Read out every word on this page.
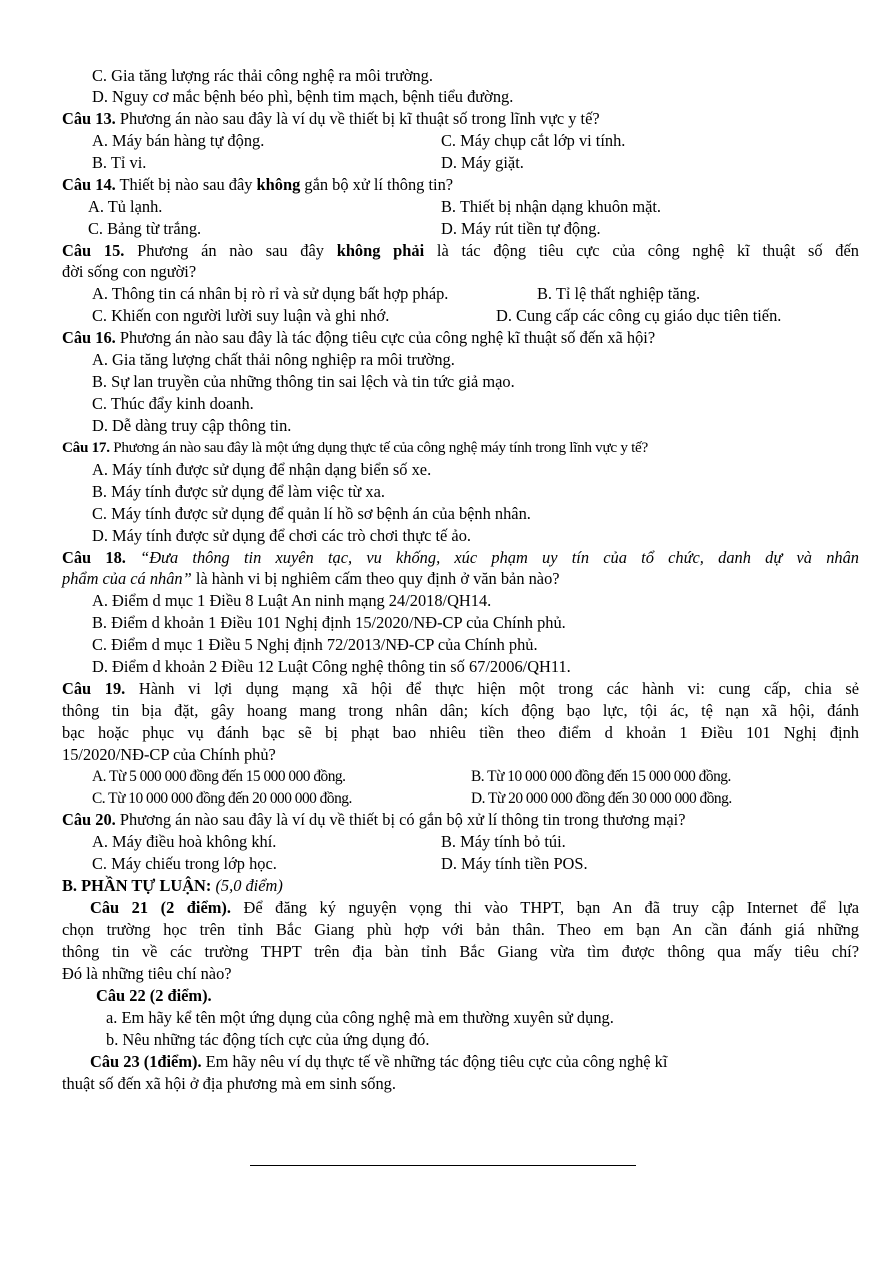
C. Gia tăng lượng rác thải công nghệ ra môi trường.
D. Nguy cơ mắc bệnh béo phì, bệnh tim mạch, bệnh tiểu đường.
Câu 13. Phương án nào sau đây là ví dụ về thiết bị kĩ thuật số trong lĩnh vực y tế?
A. Máy bán hàng tự động.	C. Máy chụp cắt lớp vi tính.
B. Tỉ vi.	D. Máy giặt.
Câu 14. Thiết bị nào sau đây không gắn bộ xử lí thông tin?
A. Tủ lạnh.	B. Thiết bị nhận dạng khuôn mặt.
C. Bảng từ trắng.	D. Máy rút tiền tự động.
Câu 15. Phương án nào sau đây không phải là tác động tiêu cực của công nghệ kĩ thuật số đến
đời sống con người?
A. Thông tin cá nhân bị rò rỉ và sử dụng bất hợp pháp.	B. Tỉ lệ thất nghiệp tăng.
C. Khiến con người lười suy luận và ghi nhớ.	D. Cung cấp các công cụ giáo dục tiên tiến.
Câu 16. Phương án nào sau đây là tác động tiêu cực của công nghệ kĩ thuật số đến xã hội?
A. Gia tăng lượng chất thải nông nghiệp ra môi trường.
B. Sự lan truyền của những thông tin sai lệch và tin tức giả mạo.
C. Thúc đẩy kinh doanh.
D. Dễ dàng truy cập thông tin.
Câu 17. Phương án nào sau đây là một ứng dụng thực tế của công nghệ máy tính trong lĩnh vực y tế?
A. Máy tính được sử dụng để nhận dạng biển số xe.
B. Máy tính được sử dụng để làm việc từ xa.
C. Máy tính được sử dụng để quản lí hồ sơ bệnh án của bệnh nhân.
D. Máy tính được sử dụng để chơi các trò chơi thực tế ảo.
Câu 18. “Đưa thông tin xuyên tạc, vu khống, xúc phạm uy tín của tổ chức, danh dự và nhân
phẩm của cá nhân” là hành vi bị nghiêm cấm theo quy định ở văn bản nào?
A. Điểm d mục 1 Điều 8 Luật An ninh mạng 24/2018/QH14.
B. Điểm d khoản 1 Điều 101 Nghị định 15/2020/NĐ-CP của Chính phủ.
C. Điểm d mục 1 Điều 5 Nghị định 72/2013/NĐ-CP của Chính phủ.
D. Điểm d khoản 2 Điều 12 Luật Công nghệ thông tin số 67/2006/QH11.
Câu 19. Hành vi lợi dụng mạng xã hội để thực hiện một trong các hành vi: cung cấp, chia sẻ
thông tin bịa đặt, gây hoang mang trong nhân dân; kích động bạo lực, tội ác, tệ nạn xã hội, đánh
bạc hoặc phục vụ đánh bạc sẽ bị phạt bao nhiêu tiền theo điểm d khoản 1 Điều 101 Nghị định
15/2020/NĐ-CP của Chính phủ?
A. Từ 5 000 000 đồng đến 15 000 000 đồng.	B. Từ 10 000 000 đồng đến 15 000 000 đồng.
C. Từ 10 000 000 đồng đến 20 000 000 đồng.	D. Từ 20 000 000 đồng đến 30 000 000 đồng.
Câu 20. Phương án nào sau đây là ví dụ về thiết bị có gắn bộ xử lí thông tin trong thương mại?
A. Máy điều hoà không khí.	B. Máy tính bỏ túi.
C. Máy chiếu trong lớp học.	D. Máy tính tiền POS.
B. PHẦN TỰ LUẬN: (5,0 điểm)
Câu 21 (2 điểm). Để đăng ký nguyện vọng thi vào THPT, bạn An đã truy cập Internet để lựa
chọn trường học trên tỉnh Bắc Giang phù hợp với bản thân. Theo em bạn An cần đánh giá những
thông tin về các trường THPT trên địa bàn tỉnh Bắc Giang vừa tìm được thông qua mấy tiêu chí?
Đó là những tiêu chí nào?
Câu 22 (2 điểm).
a. Em hãy kể tên một ứng dụng của công nghệ mà em thường xuyên sử dụng.
b. Nêu những tác động tích cực của ứng dụng đó.
Câu 23 (1điểm). Em hãy nêu ví dụ thực tế về những tác động tiêu cực của công nghệ kĩ
thuật số đến xã hội ở địa phương mà em sinh sống.
